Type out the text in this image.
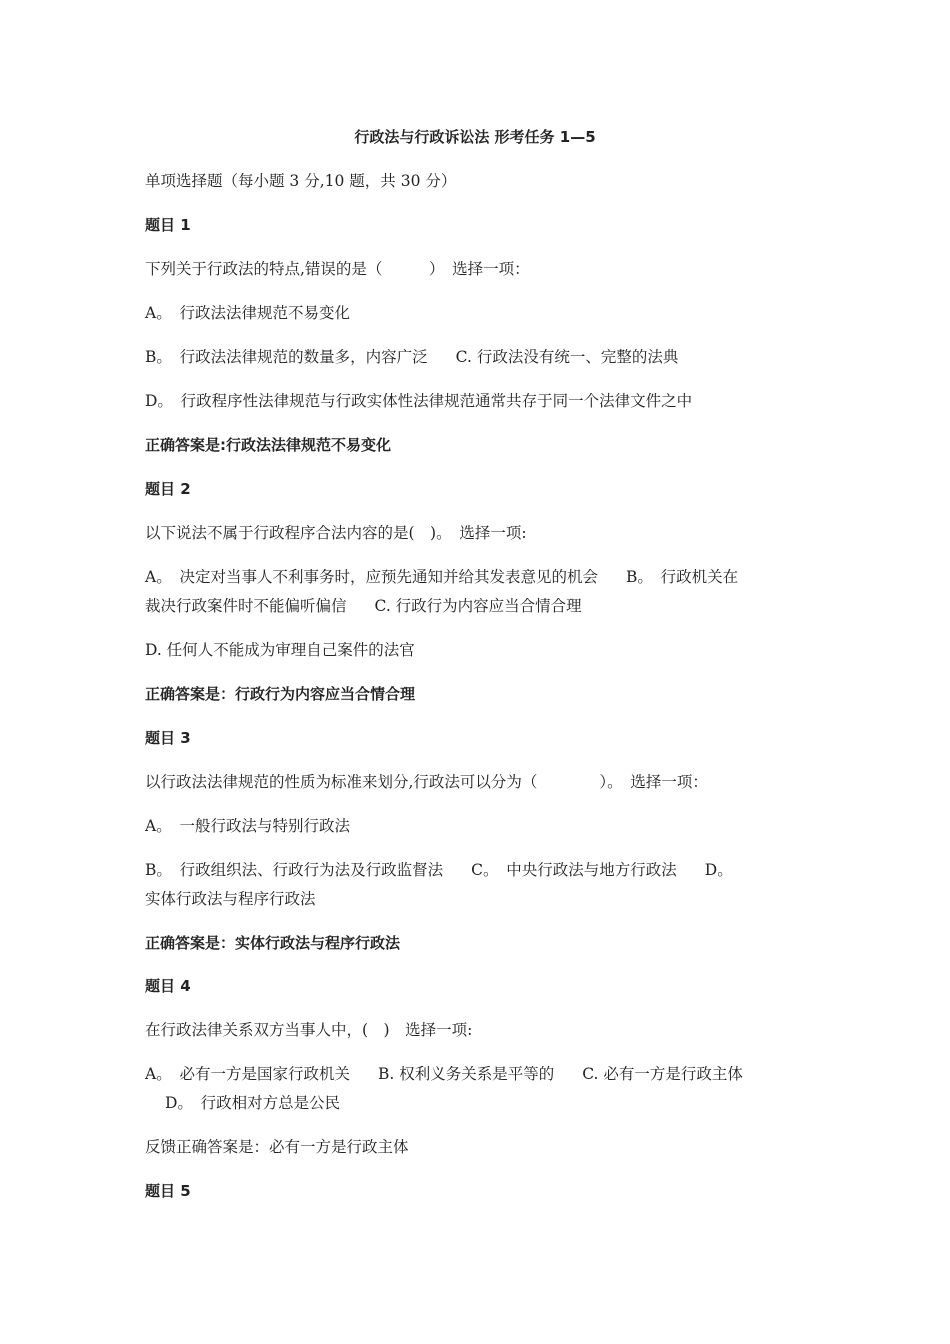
行政法与行政诉讼法 形考任务 1—5
单项选择题（每小题 3 分,10 题，共 30 分）
题目 1
下列关于行政法的特点,错误的是（　　　）　选择一项：
A。　行政法法律规范不易变化
B。　行政法法律规范的数量多，内容广泛 C. 行政法没有统一、完整的法典
D。　行政程序性法律规范与行政实体性法律规范通常共存于同一个法律文件之中
正确答案是:行政法法律规范不易变化
题目 2
以下说法不属于行政程序合法内容的是(　)。　选择一项:
A。　决定对当事人不利事务时，应预先通知并给其发表意见的机会 B。　行政机关在
裁决行政案件时不能偏听偏信 C. 行政行为内容应当合情合理
D. 任何人不能成为审理自己案件的法官
正确答案是：行政行为内容应当合情合理
题目 3
以行政法法律规范的性质为标准来划分,行政法可以分为（　　　　）。　选择一项：
A。　一般行政法与特别行政法
B。　行政组织法、行政行为法及行政监督法 C。　中央行政法与地方行政法 D。
实体行政法与程序行政法
正确答案是：实体行政法与程序行政法
题目 4
在行政法律关系双方当事人中，(　)　选择一项:
A。　必有一方是国家行政机关 B. 权利义务关系是平等的 C. 必有一方是行政主体
D。　行政相对方总是公民
反馈正确答案是：必有一方是行政主体
题目 5
